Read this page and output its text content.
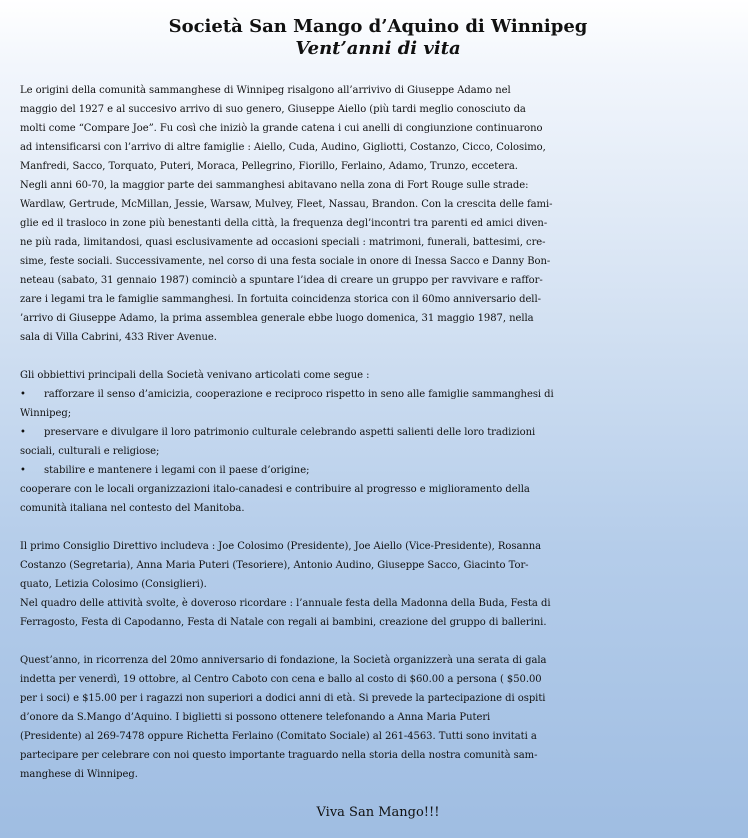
Società San Mango d’Aquino di Winnipeg
Vent’anni di vita
Le origini della comunità sammanghese di Winnipeg risalgono all’arrivivo di Giuseppe Adamo nel
maggio del 1927 e al succesivo arrivo di suo genero, Giuseppe Aiello (più tardi meglio conosciuto da
molti come “Compare Joe”. Fu così che iniziò la grande catena i cui anelli di congiunzione continuarono
ad intensificarsi con l’arrivo di altre famiglie : Aiello, Cuda, Audino, Gigliotti, Costanzo, Cicco, Colosimo,
Manfredi, Sacco, Torquato, Puteri, Moraca, Pellegrino, Fiorillo, Ferlaino, Adamo, Trunzo, eccetera.
Negli anni 60-70, la maggior parte dei sammanghesi abitavano nella zona di Fort Rouge sulle strade:
Wardlaw, Gertrude, McMillan, Jessie, Warsaw, Mulvey, Fleet, Nassau, Brandon. Con la crescita delle fami-
glie ed il trasloco in zone più benestanti della città, la frequenza degl’incontri tra parenti ed amici diven-
ne più rada, limitandosi, quasi esclusivamente ad occasioni speciali : matrimoni, funerali, battesimi, cre-
sime, feste sociali. Successivamente, nel corso di una festa sociale in onore di Inessa Sacco e Danny Bon-
neteau (sabato, 31 gennaio 1987) cominciò a spuntare l’idea di creare un gruppo per ravvivare e raffor-
zare i legami tra le famiglie sammanghesi. In fortuita coincidenza storica con il 60mo anniversario dell-
’arrivo di Giuseppe Adamo, la prima assemblea generale ebbe luogo domenica, 31 maggio 1987, nella
sala di Villa Cabrini, 433 River Avenue.
Gli obbiettivi principali della Società venivano articolati come segue :
• rafforzare il senso d’amicizia, cooperazione e reciproco rispetto in seno alle famiglie sammanghesi di
Winnipeg;
• preservare e divulgare il loro patrimonio culturale celebrando aspetti salienti delle loro tradizioni
sociali, culturali e religiose;
• stabilire e mantenere i legami con il paese d’origine;
cooperare con le locali organizzazioni italo-canadesi e contribuire al progresso e miglioramento della
comunità italiana nel contesto del Manitoba.
Il primo Consiglio Direttivo includeva : Joe Colosimo (Presidente), Joe Aiello (Vice-Presidente), Rosanna
Costanzo (Segretaria), Anna Maria Puteri (Tesoriere), Antonio Audino, Giuseppe Sacco, Giacinto Tor-
quato, Letizia Colosimo (Consiglieri).
Nel quadro delle attività svolte, è doveroso ricordare : l’annuale festa della Madonna della Buda, Festa di
Ferragosto, Festa di Capodanno, Festa di Natale con regali ai bambini, creazione del gruppo di ballerini.
Quest’anno, in ricorrenza del 20mo anniversario di fondazione, la Società organizzerà una serata di gala
indetta per venerdì, 19 ottobre, al Centro Caboto con cena e ballo al costo di $60.00 a persona ( $50.00
per i soci) e $15.00 per i ragazzi non superiori a dodici anni di età. Si prevede la partecipazione di ospiti
d’onore da S.Mango d’Aquino. I biglietti si possono ottenere telefonando a Anna Maria Puteri
(Presidente) al 269-7478 oppure Richetta Ferlaino (Comitato Sociale) al 261-4563. Tutti sono invitati a
partecipare per celebrare con noi questo importante traguardo nella storia della nostra comunità sam-
manghese di Winnipeg.
Viva San Mango!!!
